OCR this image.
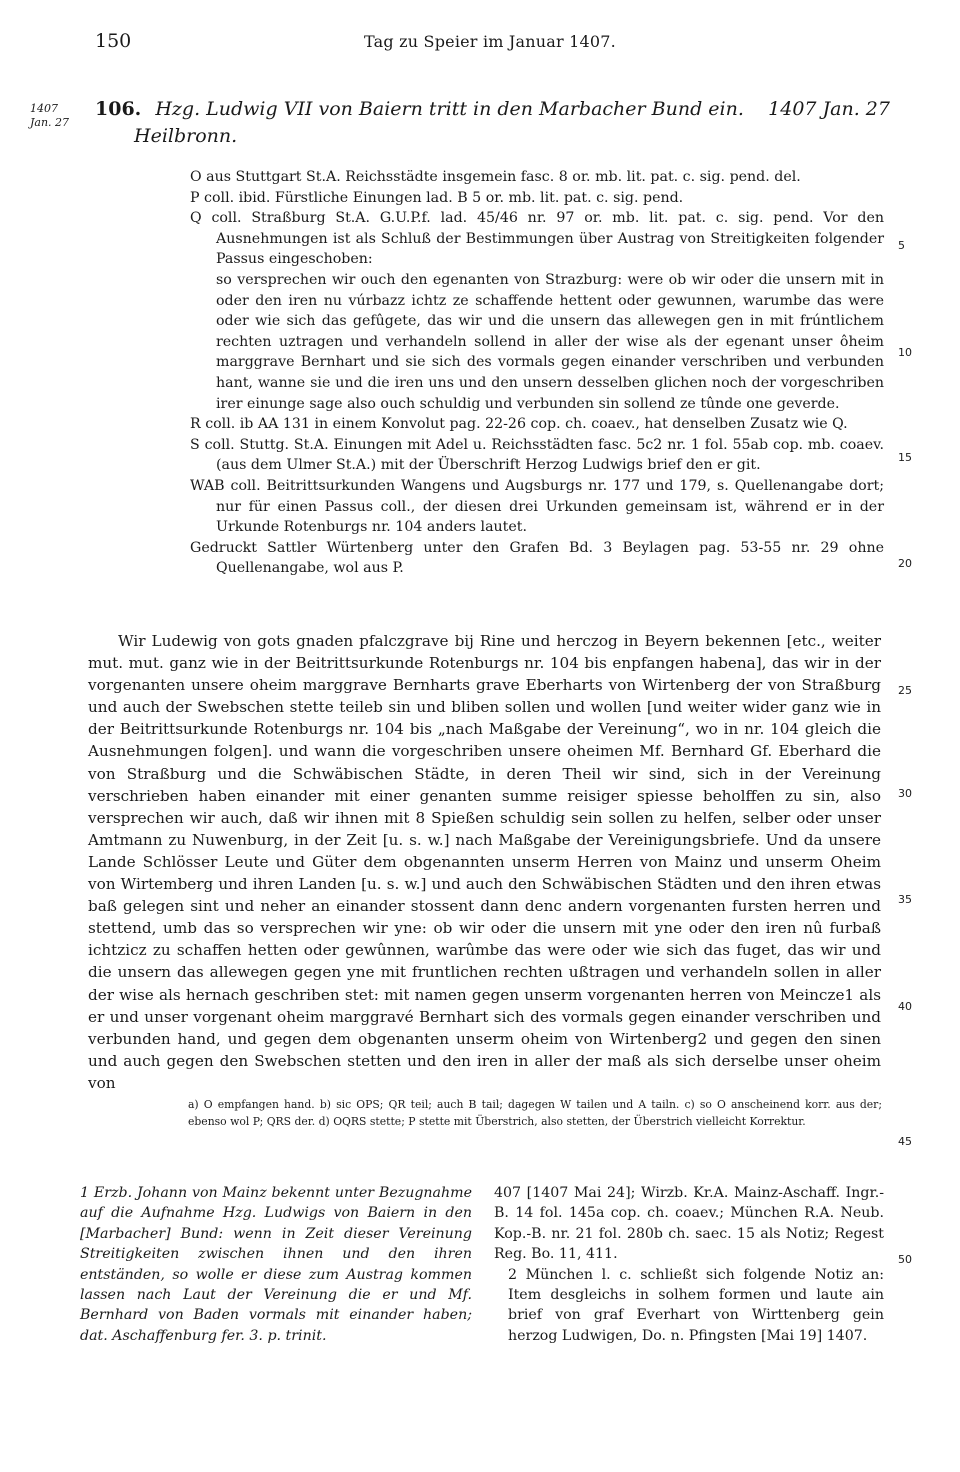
150	Tag zu Speier im Januar 1407.
1407
Jan. 27
106. Hzg. Ludwig VII von Baiern tritt in den Marbacher Bund ein. 1407 Jan. 27
Heilbronn.

O aus Stuttgart St.A. Reichsstädte insgemein fasc. 8 or. mb. lit. pat. c. sig. pend. del.

P coll. ibid. Fürstliche Einungen lad. B 5 or. mb. lit. pat. c. sig. pend.

Q coll. Straßburg St.A. G.U.P.f. lad. 45/46 nr. 97 or. mb. lit. pat. c. sig. pend. Vor den Ausnehmungen ist als Schluß der Bestimmungen über Austrag von Streitigkeiten folgender Passus eingeschoben:

so versprechen wir ouch den egenanten von Strazburg: were ob wir oder die unsern mit in oder den iren nu vúrbazz ichtz ze schaffende hettent oder gewunnen, warumbe das were oder wie sich das gefûgete, das wir und die unsern das allewegen gen in mit frúntlichem rechten uztragen und verhandeln sollend in aller der wise als der egenant unser ôheim marggrave Bernhart und sie sich des vormals gegen einander verschriben und verbunden hant, wanne sie und die iren uns und den unsern desselben glichen noch der vorgeschriben irer einunge sage also ouch schuldig und verbunden sin sollend ze tûnde one geverde.

R coll. ib AA 131 in einem Konvolut pag. 22-26 cop. ch. coaev., hat denselben Zusatz wie Q.

S coll. Stuttg. St.A. Einungen mit Adel u. Reichsstädten fasc. 5c2 nr. 1 fol. 55ab cop. mb. coaev. (aus dem Ulmer St.A.) mit der Überschrift Herzog Ludwigs brief den er git.

WAB coll. Beitrittsurkunden Wangens und Augsburgs nr. 177 und 179, s. Quellenangabe dort; nur für einen Passus coll., der diesen drei Urkunden gemeinsam ist, während er in der Urkunde Rotenburgs nr. 104 anders lautet.

Gedruckt Sattler Würtenberg unter den Grafen Bd. 3 Beylagen pag. 53-55 nr. 29 ohne Quellenangabe, wol aus P.

5
10
15
20
25
30
35
40
45
50

Wir Ludewig von gots gnaden pfalczgrave bij Rine und herczog in Beyern bekennen [etc., weiter mut. mut. ganz wie in der Beitrittsurkunde Rotenburgs nr. 104 bis enpfangen habena], das wir in der vorgenanten unsere oheim marggrave Bernharts grave Eberharts von Wirtenberg der von Straßburg und auch der Swebschen stette teileb sin und bliben sollen und wollen [und weiter wider ganz wie in der Beitrittsurkunde Rotenburgs nr. 104 bis „nach Maßgabe der Vereinung“, wo in nr. 104 gleich die Ausnehmungen folgen]. und wann die vorgeschriben unsere oheimen Mf. Bernhard Gf. Eberhard die von Straßburg und die Schwäbischen Städte, in deren Theil wir sind, sich in der Vereinung verschrieben haben einander mit einer genanten summe reisiger spiesse beholffen zu sin, also versprechen wir auch, daß wir ihnen mit 8 Spießen schuldig sein sollen zu helfen, selber oder unser Amtmann zu Nuwenburg, in der Zeit [u. s. w.] nach Maßgabe der Vereinigungsbriefe. Und da unsere Lande Schlösser Leute und Güter dem obgenannten unserm Herren von Mainz und unserm Oheim von Wirtemberg und ihren Landen [u. s. w.] und auch den Schwäbischen Städten und den ihren etwas baß gelegen sint und neher an einander stossent dann denc andern vorgenanten fursten herren und stettend, umb das so versprechen wir yne: ob wir oder die unsern mit yne oder den iren nû furbaß ichtzicz zu schaffen hetten oder gewûnnen, warûmbe das were oder wie sich das fuget, das wir und die unsern das allewegen gegen yne mit fruntlichen rechten ußtragen und verhandeln sollen in aller der wise als hernach geschriben stet: mit namen gegen unserm vorgenanten herren von Meincze1 als er und unser vorgenant oheim marggravé Bernhart sich des vormals gegen einander verschriben und verbunden hand, und gegen dem obgenanten unserm oheim von Wirtenberg2 und gegen den sinen und auch gegen den Swebschen stetten und den iren in aller der maß als sich derselbe unser oheim von

a) O empfangen hand. b) sic OPS; QR teil; auch B tail; dagegen W tailen und A tailn. c) so O anscheinend korr. aus der; ebenso wol P; QRS der. d) OQRS stette; P stette mit Überstrich, also stetten, der Überstrich vielleicht Korrektur.

1 Erzb. Johann von Mainz bekennt unter Bezugnahme auf die Aufnahme Hzg. Ludwigs von Baiern in den [Marbacher] Bund: wenn in Zeit dieser Vereinung Streitigkeiten zwischen ihnen und den ihren entständen, so wolle er diese zum Austrag kommen lassen nach Laut der Vereinung die er und Mf. Bernhard von Baden vormals mit einander haben; dat. Aschaffenburg fer. 3. p. trinit.

407 [1407 Mai 24]; Wirzb. Kr.A. Mainz-Aschaff. Ingr.-B. 14 fol. 145a cop. ch. coaev.; München R.A. Neub. Kop.-B. nr. 21 fol. 280b ch. saec. 15 als Notiz; Regest Reg. Bo. 11, 411.

2 München l. c. schließt sich folgende Notiz an: Item desgleichs in solhem formen und laute ain brief von graf Everhart von Wirttenberg gein herzog Ludwigen, Do. n. Pfingsten [Mai 19] 1407.
